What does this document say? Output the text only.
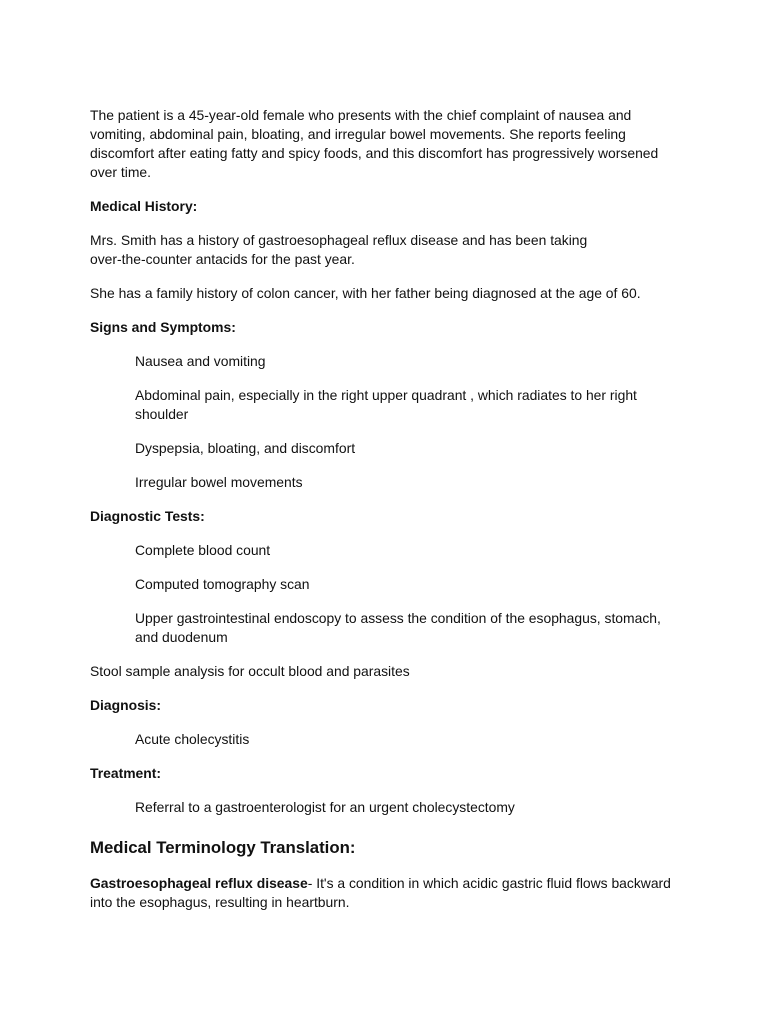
The patient is a 45-year-old female who presents with the chief complaint of nausea and vomiting, abdominal pain, bloating, and irregular bowel movements. She reports feeling discomfort after eating fatty and spicy foods, and this discomfort has progressively worsened over time.

Medical History:

Mrs. Smith has a history of gastroesophageal reflux disease and has been taking over-the-counter antacids for the past year.

She has a family history of colon cancer, with her father being diagnosed at the age of 60.

Signs and Symptoms:

Nausea and vomiting

Abdominal pain, especially in the right upper quadrant , which radiates to her right shoulder

Dyspepsia, bloating, and discomfort

Irregular bowel movements

Diagnostic Tests:

Complete blood count

Computed tomography scan

Upper gastrointestinal endoscopy to assess the condition of the esophagus, stomach, and duodenum

Stool sample analysis for occult blood and parasites

Diagnosis:

Acute cholecystitis

Treatment:

Referral to a gastroenterologist for an urgent cholecystectomy

Medical Terminology Translation:

Gastroesophageal reflux disease- It's a condition in which acidic gastric fluid flows backward into the esophagus, resulting in heartburn.
